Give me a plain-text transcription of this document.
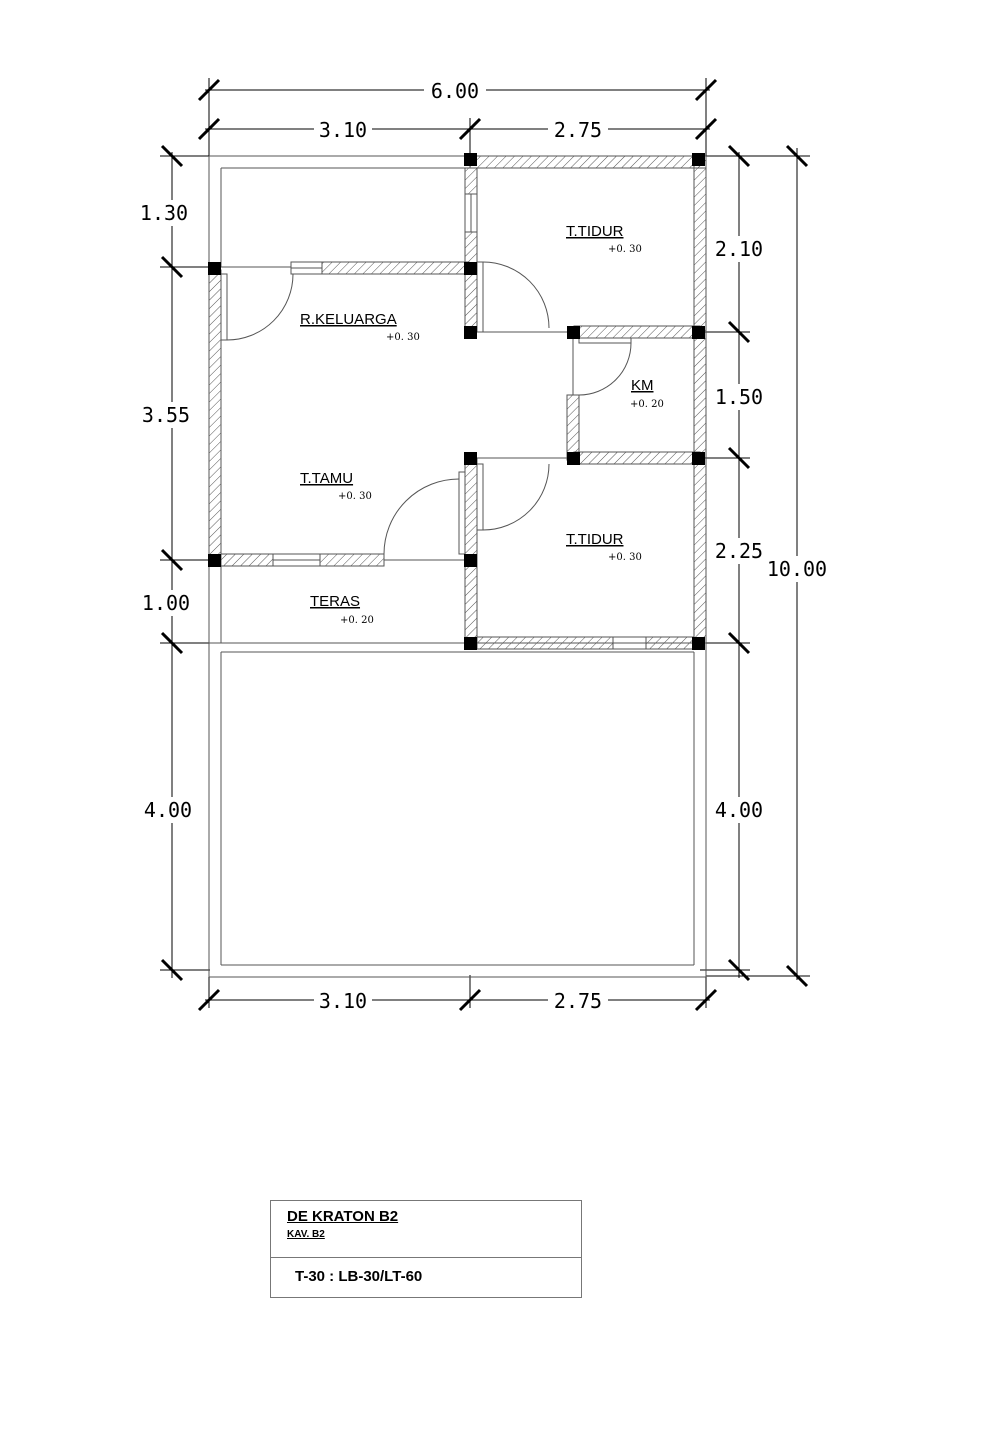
6.00
3.10	2.75
1.30
3.55
1.00
4.00
2.10
1.50
2.25
4.00
10.00
3.10	2.75
T.TIDUR
+0. 30
R.KELUARGA
+0. 30
KM
+0. 20
T.TAMU
+0. 30
T.TIDUR
+0. 30
TERAS
+0. 20
DE KRATON B2
KAV. B2
T-30 : LB-30/LT-60
